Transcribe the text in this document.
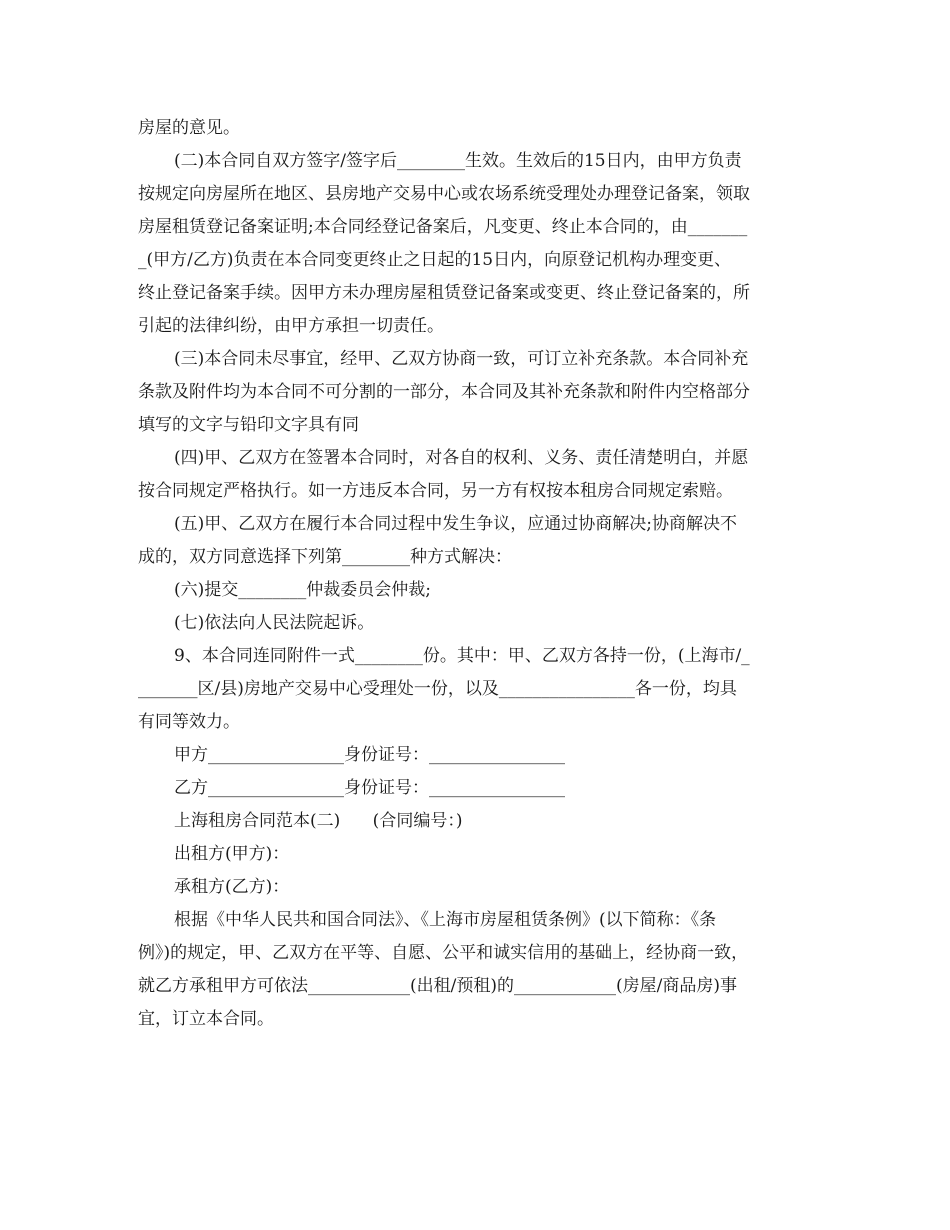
房屋的意见。
(二)本合同自双方签字/签字后________生效。生效后的15日内，由甲方负责
按规定向房屋所在地区、县房地产交易中心或农场系统受理处办理登记备案，领取
房屋租赁登记备案证明;本合同经登记备案后，凡变更、终止本合同的，由_______
_(甲方/乙方)负责在本合同变更终止之日起的15日内，向原登记机构办理变更、
终止登记备案手续。因甲方未办理房屋租赁登记备案或变更、终止登记备案的，所
引起的法律纠纷，由甲方承担一切责任。
(三)本合同未尽事宜，经甲、乙双方协商一致，可订立补充条款。本合同补充
条款及附件均为本合同不可分割的一部分，本合同及其补充条款和附件内空格部分
填写的文字与铅印文字具有同
(四)甲、乙双方在签署本合同时，对各自的权利、义务、责任清楚明白，并愿
按合同规定严格执行。如一方违反本合同，另一方有权按本租房合同规定索赔。
(五)甲、乙双方在履行本合同过程中发生争议，应通过协商解决;协商解决不
成的，双方同意选择下列第________种方式解决：
(六)提交________仲裁委员会仲裁;
(七)依法向人民法院起诉。
9、本合同连同附件一式________份。其中：甲、乙双方各持一份，(上海市/_
_______区/县)房地产交易中心受理处一份，以及________________各一份，均具
有同等效力。
甲方________________身份证号：________________
乙方________________身份证号：________________
上海租房合同范本(二)      (合同编号：)
出租方(甲方)：
承租方(乙方)：
根据《中华人民共和国合同法》、《上海市房屋租赁条例》(以下简称：《条
例》)的规定，甲、乙双方在平等、自愿、公平和诚实信用的基础上，经协商一致，
就乙方承租甲方可依法____________(出租/预租)的____________(房屋/商品房)事
宜，订立本合同。
